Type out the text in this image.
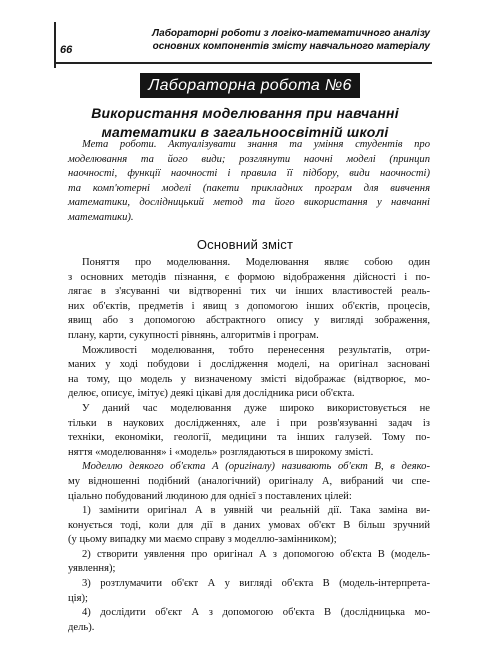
66
Лабораторні роботи з логіко-математичного аналізу
основних компонентів змісту навчального матеріалу
Лабораторна робота №6
Використання моделювання при навчанні
математики в загальноосвітній школі
Мета роботи. Актуалізувати знання та уміння студентів про
моделювання та його види; розглянути наочні моделі (принцип
наочності, функції наочності і правила її підбору, види наочності)
та комп'ютерні моделі (пакети прикладних програм для вивчення
математики, дослідницький метод та його використання у навчанні
математики).
Основний зміст
Поняття про моделювання. Моделювання являє собою один
з основних методів пізнання, є формою відображення дійсності і по-
лягає в з'ясуванні чи відтворенні тих чи інших властивостей реаль-
них об'єктів, предметів і явищ з допомогою інших об'єктів, процесів,
явищ або з допомогою абстрактного опису у вигляді зображення,
плану, карти, сукупності рівнянь, алгоритмів і програм.
Можливості моделювання, тобто перенесення результатів, отри-
маних у ході побудови і дослідження моделі, на оригінал засновані
на тому, що модель у визначеному змісті відображає (відтворює, мо-
делює, описує, імітує) деякі цікаві для дослідника риси об'єкта.
У даний час моделювання дуже широко використовується не
тільки в наукових дослідженнях, але і при розв'язуванні задач із
техніки, економіки, геології, медицини та інших галузей. Тому по-
няття «моделювання» і «модель» розглядаються в широкому змісті.
Моделлю деякого об'єкта А (оригіналу) називають об'єкт В, в деяко-
му відношенні подібний (аналогічний) оригіналу А, вибраний чи спе-
ціально побудований людиною для однієї з поставлених цілей:
1) замінити оригінал А в уявній чи реальній дії. Така заміна ви-
конується тоді, коли для дії в даних умовах об'єкт В більш зручний
(у цьому випадку ми маємо справу з моделлю-замінником);
2) створити уявлення про оригінал А з допомогою об'єкта В (модель-
уявлення);
3) розтлумачити об'єкт А у вигляді об'єкта В (модель-інтерпрета-
ція);
4) дослідити об'єкт А з допомогою об'єкта В (дослідницька мо-
дель).
